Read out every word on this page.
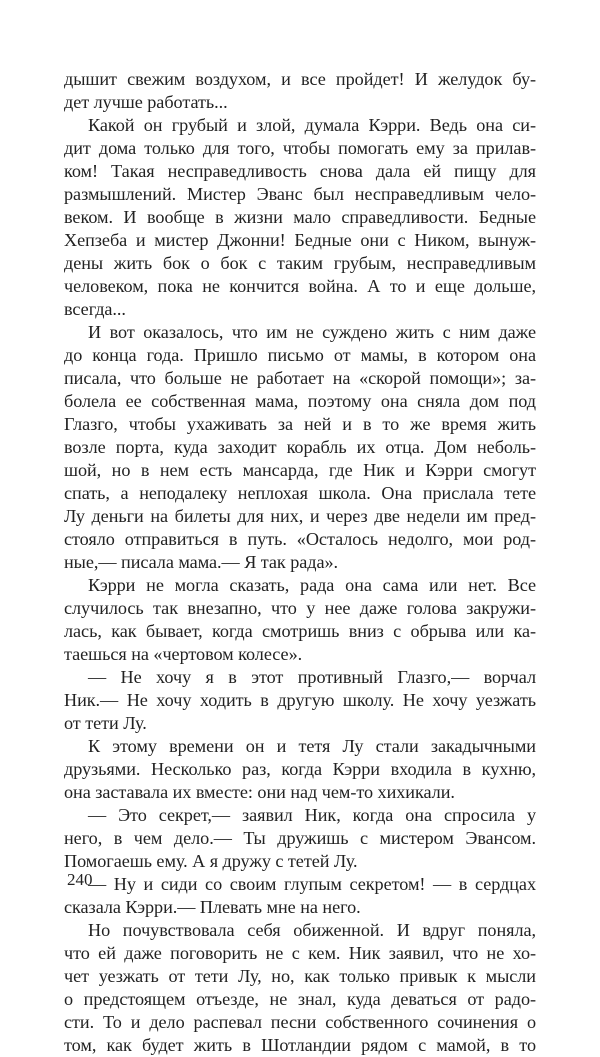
дышит свежим воздухом, и все пройдет! И желудок бу-
дет лучше работать...
Какой он грубый и злой, думала Кэрри. Ведь она си-
дит дома только для того, чтобы помогать ему за прилав-
ком! Такая несправедливость снова дала ей пищу для
размышлений. Мистер Эванс был несправедливым чело-
веком. И вообще в жизни мало справедливости. Бедные
Хепзеба и мистер Джонни! Бедные они с Ником, вынуж-
дены жить бок о бок с таким грубым, несправедливым
человеком, пока не кончится война. А то и еще дольше,
всегда...
И вот оказалось, что им не суждено жить с ним даже
до конца года. Пришло письмо от мамы, в котором она
писала, что больше не работает на «скорой помощи»; за-
болела ее собственная мама, поэтому она сняла дом под
Глазго, чтобы ухаживать за ней и в то же время жить
возле порта, куда заходит корабль их отца. Дом неболь-
шой, но в нем есть мансарда, где Ник и Кэрри смогут
спать, а неподалеку неплохая школа. Она прислала тете
Лу деньги на билеты для них, и через две недели им пред-
стояло отправиться в путь. «Осталось недолго, мои род-
ные,— писала мама.— Я так рада».
Кэрри не могла сказать, рада она сама или нет. Все
случилось так внезапно, что у нее даже голова закружи-
лась, как бывает, когда смотришь вниз с обрыва или ка-
таешься на «чертовом колесе».
— Не хочу я в этот противный Глазго,— ворчал
Ник.— Не хочу ходить в другую школу. Не хочу уезжать
от тети Лу.
К этому времени он и тетя Лу стали закадычными
друзьями. Несколько раз, когда Кэрри входила в кухню,
она заставала их вместе: они над чем-то хихикали.
— Это секрет,— заявил Ник, когда она спросила у
него, в чем дело.— Ты дружишь с мистером Эвансом.
Помогаешь ему. А я дружу с тетей Лу.
— Ну и сиди со своим глупым секретом! — в сердцах
сказала Кэрри.— Плевать мне на него.
Но почувствовала себя обиженной. И вдруг поняла,
что ей даже поговорить не с кем. Ник заявил, что не хо-
чет уезжать от тети Лу, но, как только привык к мысли
о предстоящем отъезде, не знал, куда деваться от радо-
сти. То и дело распевал песни собственного сочинения о
том, как будет жить в Шотландии рядом с мамой, в то
240
